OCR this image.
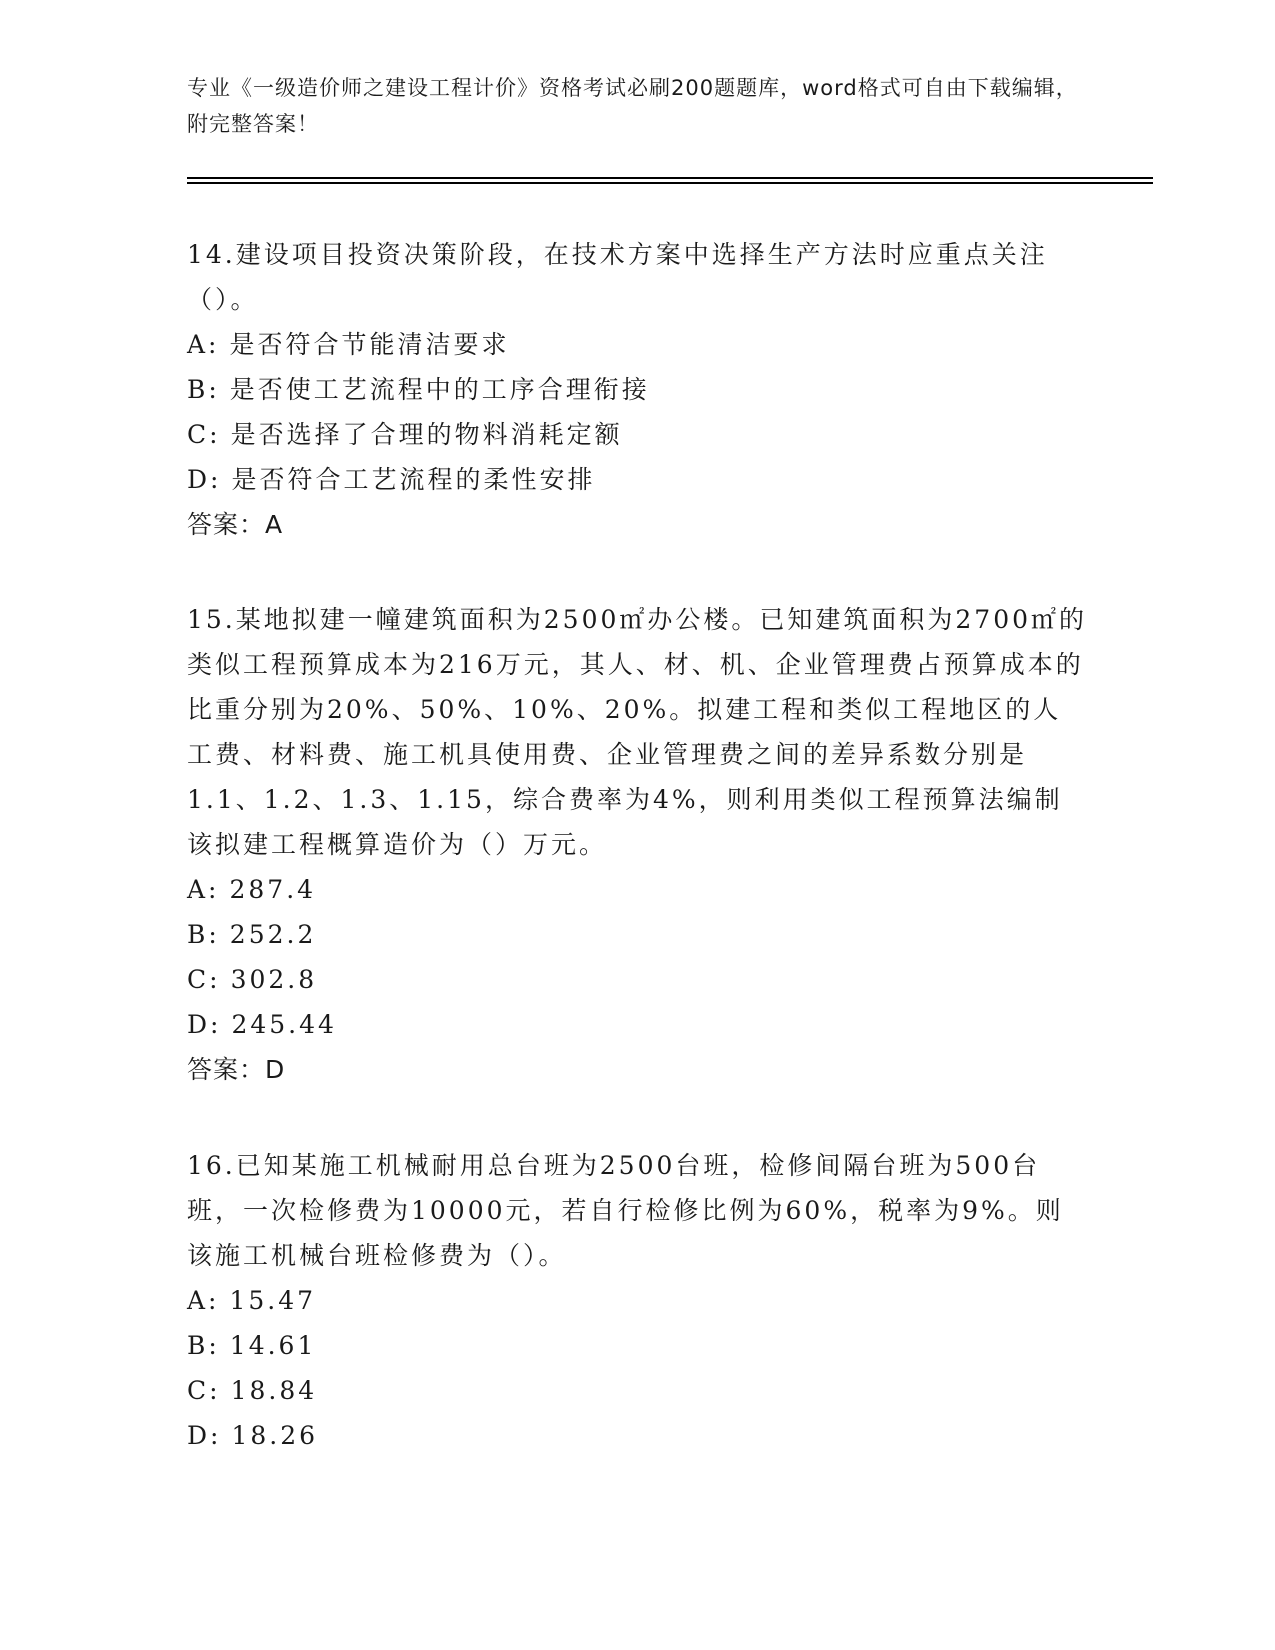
专业《一级造价师之建设工程计价》资格考试必刷200题题库，word格式可自由下载编辑，附完整答案！

14.建设项目投资决策阶段，在技术方案中选择生产方法时应重点关注（）。

A: 是否符合节能清洁要求

B: 是否使工艺流程中的工序合理衔接

C: 是否选择了合理的物料消耗定额

D: 是否符合工艺流程的柔性安排

答案：A

15.某地拟建一幢建筑面积为2500㎡办公楼。已知建筑面积为2700㎡的类似工程预算成本为216万元，其人、材、机、企业管理费占预算成本的比重分别为20%、50%、10%、20%。拟建工程和类似工程地区的人工费、材料费、施工机具使用费、企业管理费之间的差异系数分别是1.1、1.2、1.3、1.15，综合费率为4%，则利用类似工程预算法编制该拟建工程概算造价为（）万元。

A: 287.4

B: 252.2

C: 302.8

D: 245.44

答案：D

16.已知某施工机械耐用总台班为2500台班，检修间隔台班为500台班，一次检修费为10000元，若自行检修比例为60%，税率为9%。则该施工机械台班检修费为（）。

A: 15.47

B: 14.61

C: 18.84

D: 18.26
